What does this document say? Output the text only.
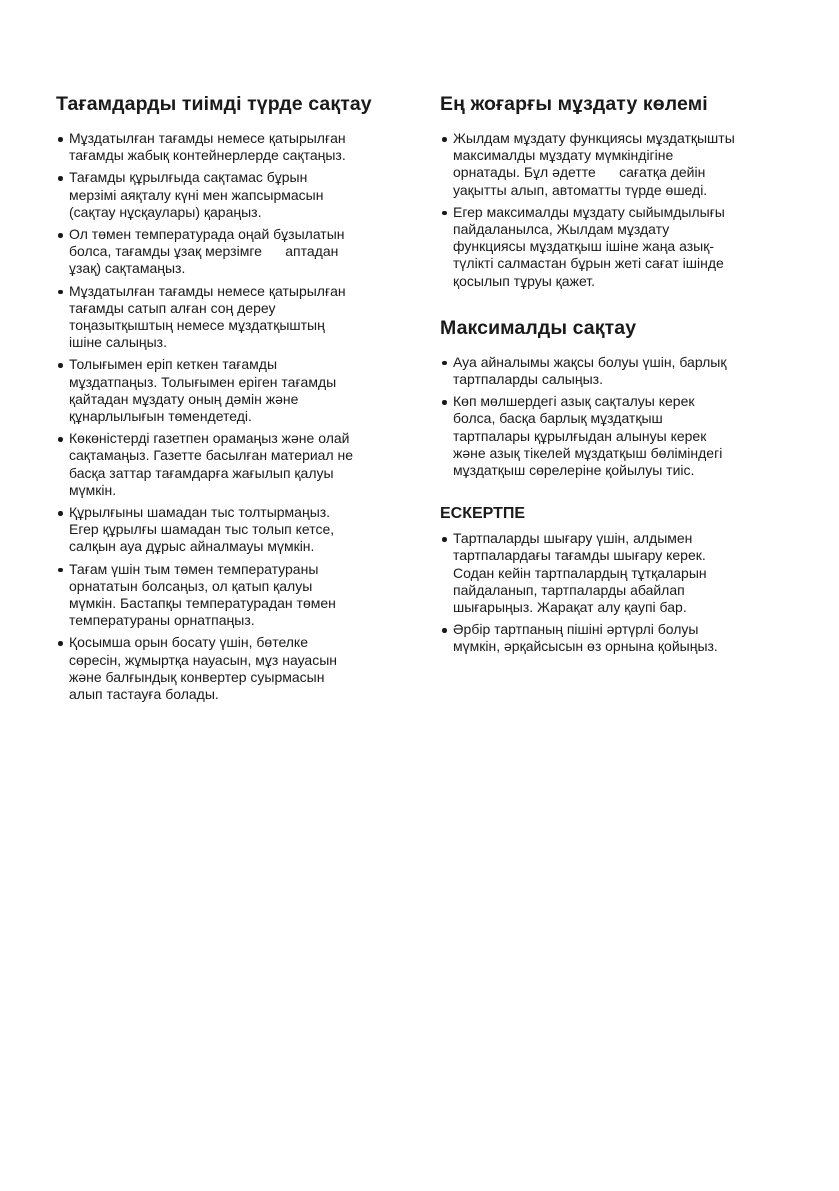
Тағамдарды тиімді түрде сақтау
Мұздатылған тағамды немесе қатырылған
тағамды жабық контейнерлерде сақтаңыз.
Тағамды құрылғыда сақтамас бұрын
мерзімі аяқталу күні мен жапсырмасын
(сақтау нұсқаулары) қараңыз.
Ол төмен температурада оңай бұзылатын
болса, тағамды ұзақ мерзімге      аптадан
ұзақ) сақтамаңыз.
Мұздатылған тағамды немесе қатырылған
тағамды сатып алған соң дереу
тоңазытқыштың немесе мұздатқыштың
ішіне салыңыз.
Толығымен еріп кеткен тағамды
мұздатпаңыз. Толығымен еріген тағамды
қайтадан мұздату оның дәмін және
құнарлылығын төмендетеді.
Көкөністерді газетпен орамаңыз және олай
сақтамаңыз. Газетте басылған материал не
басқа заттар тағамдарға жағылып қалуы
мүмкін.
Құрылғыны шамадан тыс толтырмаңыз.
Егер құрылғы шамадан тыс толып кетсе,
салқын ауа дұрыс айналмауы мүмкін.
Тағам үшін тым төмен температураны
орнататын болсаңыз, ол қатып қалуы
мүмкін. Бастапқы температурадан төмен
температураны орнатпаңыз.
Қосымша орын босату үшін, бөтелке
сөресін, жұмыртқа науасын, мұз науасын
және балғындық конвертер суырмасын
алып тастауға болады.
Ең жоғарғы мұздату көлемі
Жылдам мұздату функциясы мұздатқышты
максималды мұздату мүмкіндігіне
орнатады. Бұл әдетте      сағатқа дейін
уақытты алып, автоматты түрде өшеді.
Егер максималды мұздату сыйымдылығы
пайдаланылса, Жылдам мұздату
функциясы мұздатқыш ішіне жаңа азық-
түлікті салмастан бұрын жеті сағат ішінде
қосылып тұруы қажет.
Максималды сақтау
Ауа айналымы жақсы болуы үшін, барлық
тартпаларды салыңыз.
Көп мөлшердегі азық сақталуы керек
болса, басқа барлық мұздатқыш
тартпалары құрылғыдан алынуы керек
және азық тікелей мұздатқыш бөліміндегі
мұздатқыш сөрелеріне қойылуы тиіс.
ЕСКЕРТПЕ
Тартпаларды шығару үшін, алдымен
тартпалардағы тағамды шығару керек.
Содан кейін тартпалардың тұтқаларын
пайдаланып, тартпаларды абайлап
шығарыңыз. Жарақат алу қаупі бар.
Әрбір тартпаның пішіні әртүрлі болуы
мүмкін, әрқайсысын өз орнына қойыңыз.
